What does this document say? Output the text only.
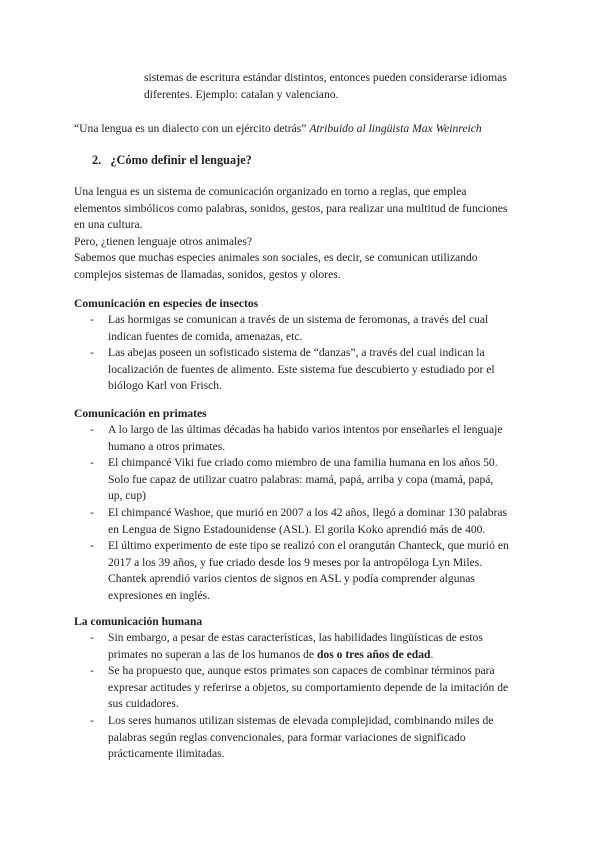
sistemas de escritura estándar distintos, entonces pueden considerarse idiomas
diferentes. Ejemplo: catalan y valenciano.
“Una lengua es un dialecto con un ejército detrás” Atribuido al lingüista Max Weinreich
2. ¿Cómo definir el lenguaje?
Una lengua es un sistema de comunicación organizado en torno a reglas, que emplea
elementos simbólicos como palabras, sonidos, gestos, para realizar una multitud de funciones
en una cultura.
Pero, ¿tienen lenguaje otros animales?
Sabemos que muchas especies animales son sociales, es decir, se comunican utilizando
complejos sistemas de llamadas, sonidos, gestos y olores.
Comunicación en especies de insectos
- Las hormigas se comunican a través de un sistema de feromonas, a través del cual
indican fuentes de comida, amenazas, etc.
- Las abejas poseen un sofisticado sistema de “danzas”, a través del cual indican la
localización de fuentes de alimento. Este sistema fue descubierto y estudiado por el
biólogo Karl von Frisch.
Comunicación en primates
- A lo largo de las últimas décadas ha habido varios intentos por enseñarles el lenguaje
humano a otros primates.
- El chimpancé Viki fue criado como miembro de una familia humana en los años 50.
Solo fue capaz de utilizar cuatro palabras: mamá, papá, arriba y copa (mamá, papá,
up, cup)
- El chimpancé Washoe, que murió en 2007 a los 42 años, llegó a dominar 130 palabras
en Lengua de Signo Estadounidense (ASL). El gorila Koko aprendió más de 400.
- El último experimento de este tipo se realizó con el orangután Chanteck, que murió en
2017 a los 39 años, y fue criado desde los 9 meses por la antropóloga Lyn Miles.
Chantek aprendió varios cientos de signos en ASL y podía comprender algunas
expresiones en inglés.
La comunicación humana
- Sin embargo, a pesar de estas características, las habilidades lingüísticas de estos
primates no superan a las de los humanos de dos o tres años de edad.
- Se ha propuesto que, aunque estos primates son capaces de combinar términos para
expresar actitudes y referirse a objetos, su comportamiento depende de la imitación de
sus cuidadores.
- Los seres humanos utilizan sistemas de elevada complejidad, combinando miles de
palabras según reglas convencionales, para formar variaciones de significado
prácticamente ilimitadas.
